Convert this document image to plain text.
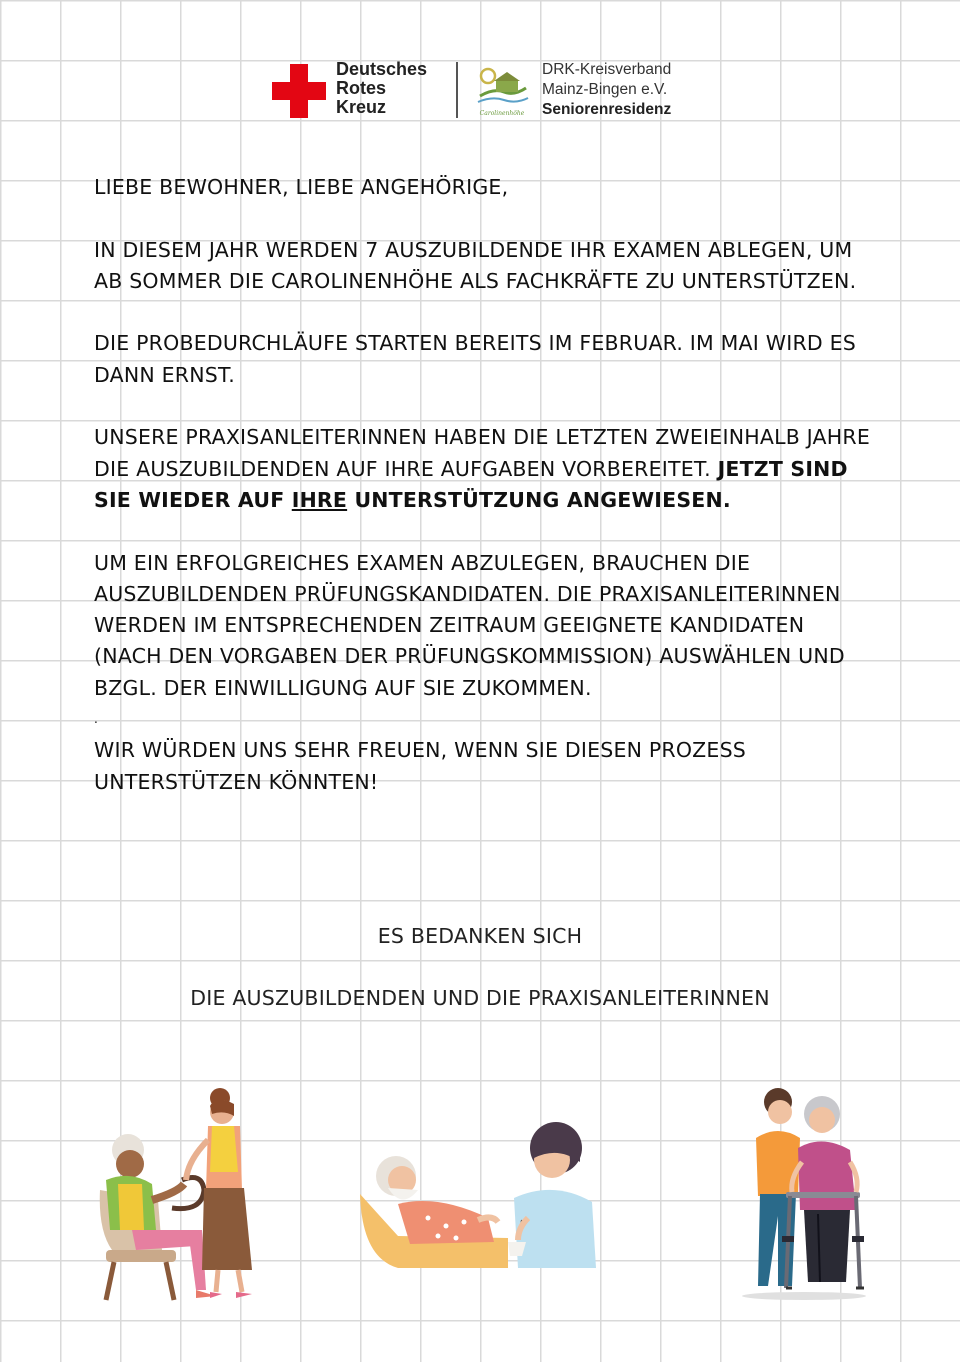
Deutsches
Rotes
Kreuz	Carolinenhöhe
DRK-Kreisverband
Mainz-Bingen e.V.
Seniorenresidenz

LIEBE BEWOHNER, LIEBE ANGEHÖRIGE,

IN DIESEM JAHR WERDEN 7 AUSZUBILDENDE IHR EXAMEN ABLEGEN, UM AB SOMMER DIE CAROLINENHÖHE ALS FACHKRÄFTE ZU UNTERSTÜTZEN.

DIE PROBEDURCHLÄUFE STARTEN BEREITS IM FEBRUAR. IM MAI WIRD ES DANN ERNST.

UNSERE PRAXISANLEITERINNEN HABEN DIE LETZTEN ZWEIEINHALB JAHRE DIE AUSZUBILDENDEN AUF IHRE AUFGABEN VORBEREITET. JETZT SIND SIE WIEDER AUF IHRE UNTERSTÜTZUNG ANGEWIESEN.

UM EIN ERFOLGREICHES EXAMEN ABZULEGEN, BRAUCHEN DIE AUSZUBILDENDEN PRÜFUNGSKANDIDATEN. DIE PRAXISANLEITERINNEN WERDEN IM ENTSPRECHENDEN ZEITRAUM GEEIGNETE KANDIDATEN (NACH DEN VORGABEN DER PRÜFUNGSKOMMISSION) AUSWÄHLEN UND BZGL. DER EINWILLIGUNG AUF SIE ZUKOMMEN.

.

WIR WÜRDEN UNS SEHR FREUEN, WENN SIE DIESEN PROZESS UNTERSTÜTZEN KÖNNTEN!

ES BEDANKEN SICH
DIE AUSZUBILDENDEN UND DIE PRAXISANLEITERINNEN
